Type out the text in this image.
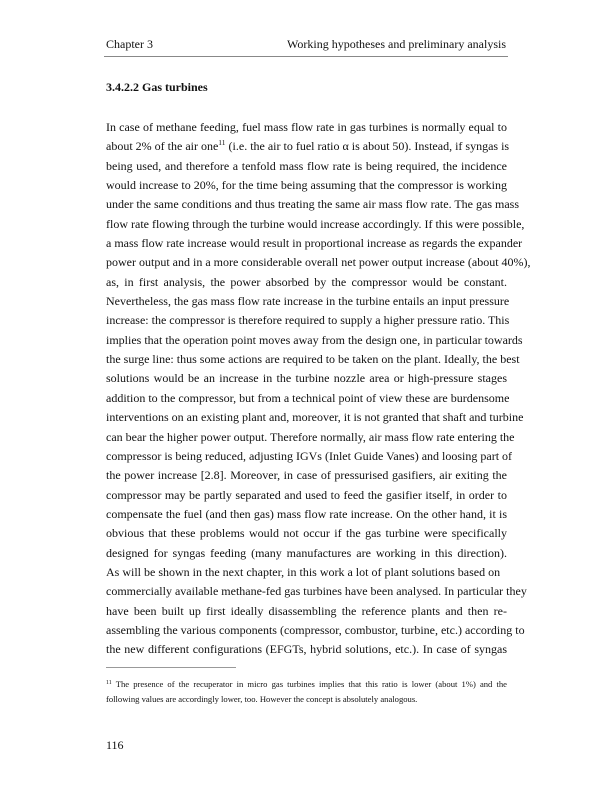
Chapter 3	Working hypotheses and preliminary analysis
3.4.2.2 Gas turbines
In case of methane feeding, fuel mass flow rate in gas turbines is normally equal to
about 2% of the air one$^{11}$ (i.e. the air to fuel ratio α is about 50). Instead, if syngas is
being used, and therefore a tenfold mass flow rate is being required, the incidence
would increase to 20%, for the time being assuming that the compressor is working
under the same conditions and thus treating the same air mass flow rate. The gas mass
flow rate flowing through the turbine would increase accordingly. If this were possible,
a mass flow rate increase would result in proportional increase as regards the expander
power output and in a more considerable overall net power output increase (about 40%),
as, in first analysis, the power absorbed by the compressor would be constant.
Nevertheless, the gas mass flow rate increase in the turbine entails an input pressure
increase: the compressor is therefore required to supply a higher pressure ratio. This
implies that the operation point moves away from the design one, in particular towards
the surge line: thus some actions are required to be taken on the plant. Ideally, the best
solutions would be an increase in the turbine nozzle area or high-pressure stages
addition to the compressor, but from a technical point of view these are burdensome
interventions on an existing plant and, moreover, it is not granted that shaft and turbine
can bear the higher power output. Therefore normally, air mass flow rate entering the
compressor is being reduced, adjusting IGVs (Inlet Guide Vanes) and loosing part of
the power increase [2.8]. Moreover, in case of pressurised gasifiers, air exiting the
compressor may be partly separated and used to feed the gasifier itself, in order to
compensate the fuel (and then gas) mass flow rate increase. On the other hand, it is
obvious that these problems would not occur if the gas turbine were specifically
designed for syngas feeding (many manufactures are working in this direction).
As will be shown in the next chapter, in this work a lot of plant solutions based on
commercially available methane-fed gas turbines have been analysed. In particular they
have been built up first ideally disassembling the reference plants and then re-
assembling the various components (compressor, combustor, turbine, etc.) according to
the new different configurations (EFGTs, hybrid solutions, etc.). In case of syngas
$^{11}$ The presence of the recuperator in micro gas turbines implies that this ratio is lower (about 1%) and the
following values are accordingly lower, too. However the concept is absolutely analogous.
116
